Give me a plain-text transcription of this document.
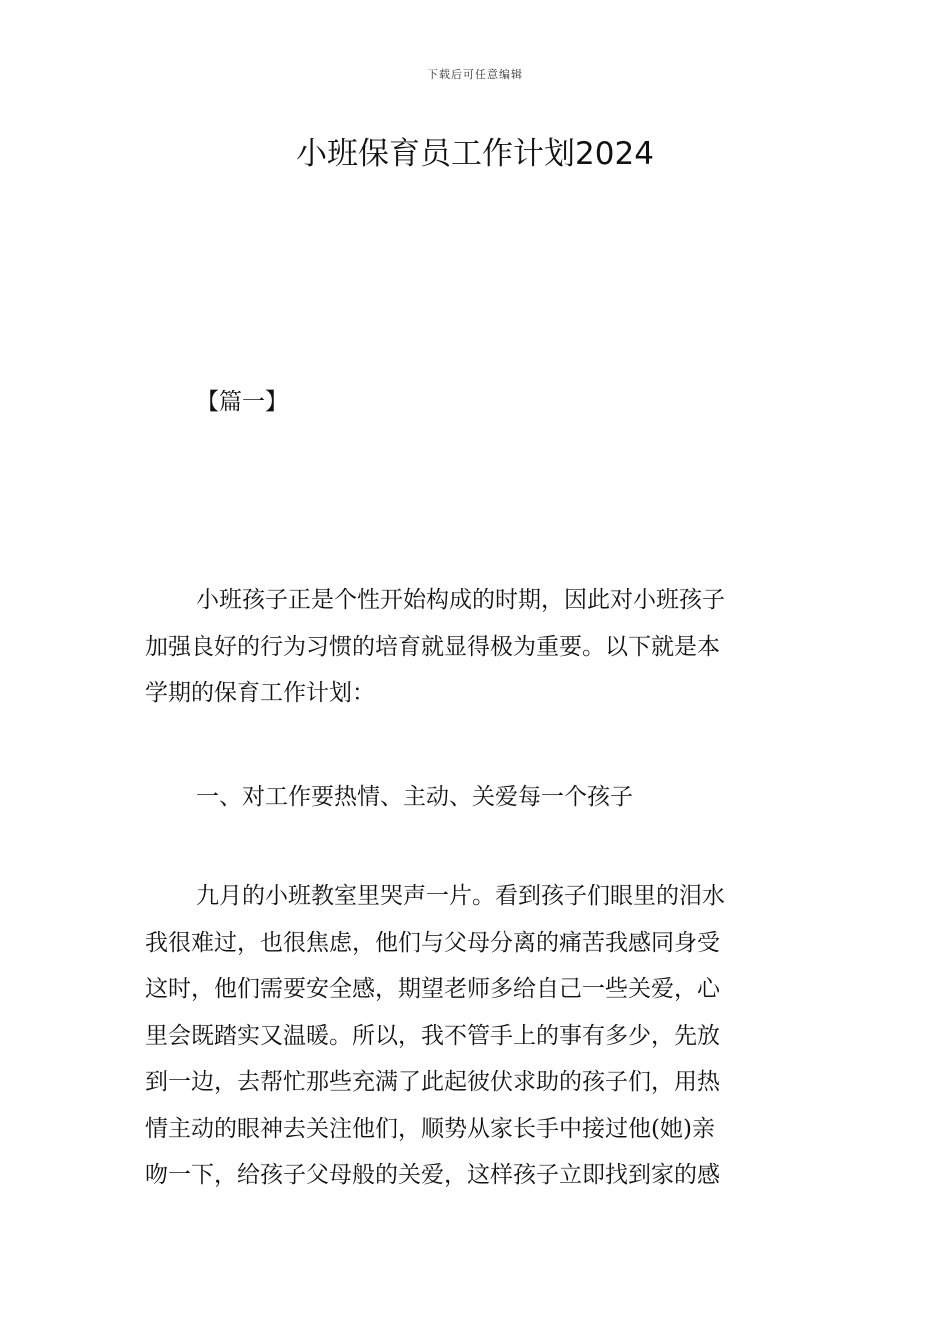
下载后可任意编辑
小班保育员工作计划2024

【篇一】

小班孩子正是个性开始构成的时期，因此对小班孩子
加强良好的行为习惯的培育就显得极为重要。以下就是本
学期的保育工作计划：
一、对工作要热情、主动、关爱每一个孩子
九月的小班教室里哭声一片。看到孩子们眼里的泪水
我很难过，也很焦虑，他们与父母分离的痛苦我感同身受
这时，他们需要安全感，期望老师多给自己一些关爱，心
里会既踏实又温暖。所以，我不管手上的事有多少，先放
到一边，去帮忙那些充满了此起彼伏求助的孩子们，用热
情主动的眼神去关注他们，顺势从家长手中接过他(她)亲
吻一下，给孩子父母般的关爱，这样孩子立即找到家的感
